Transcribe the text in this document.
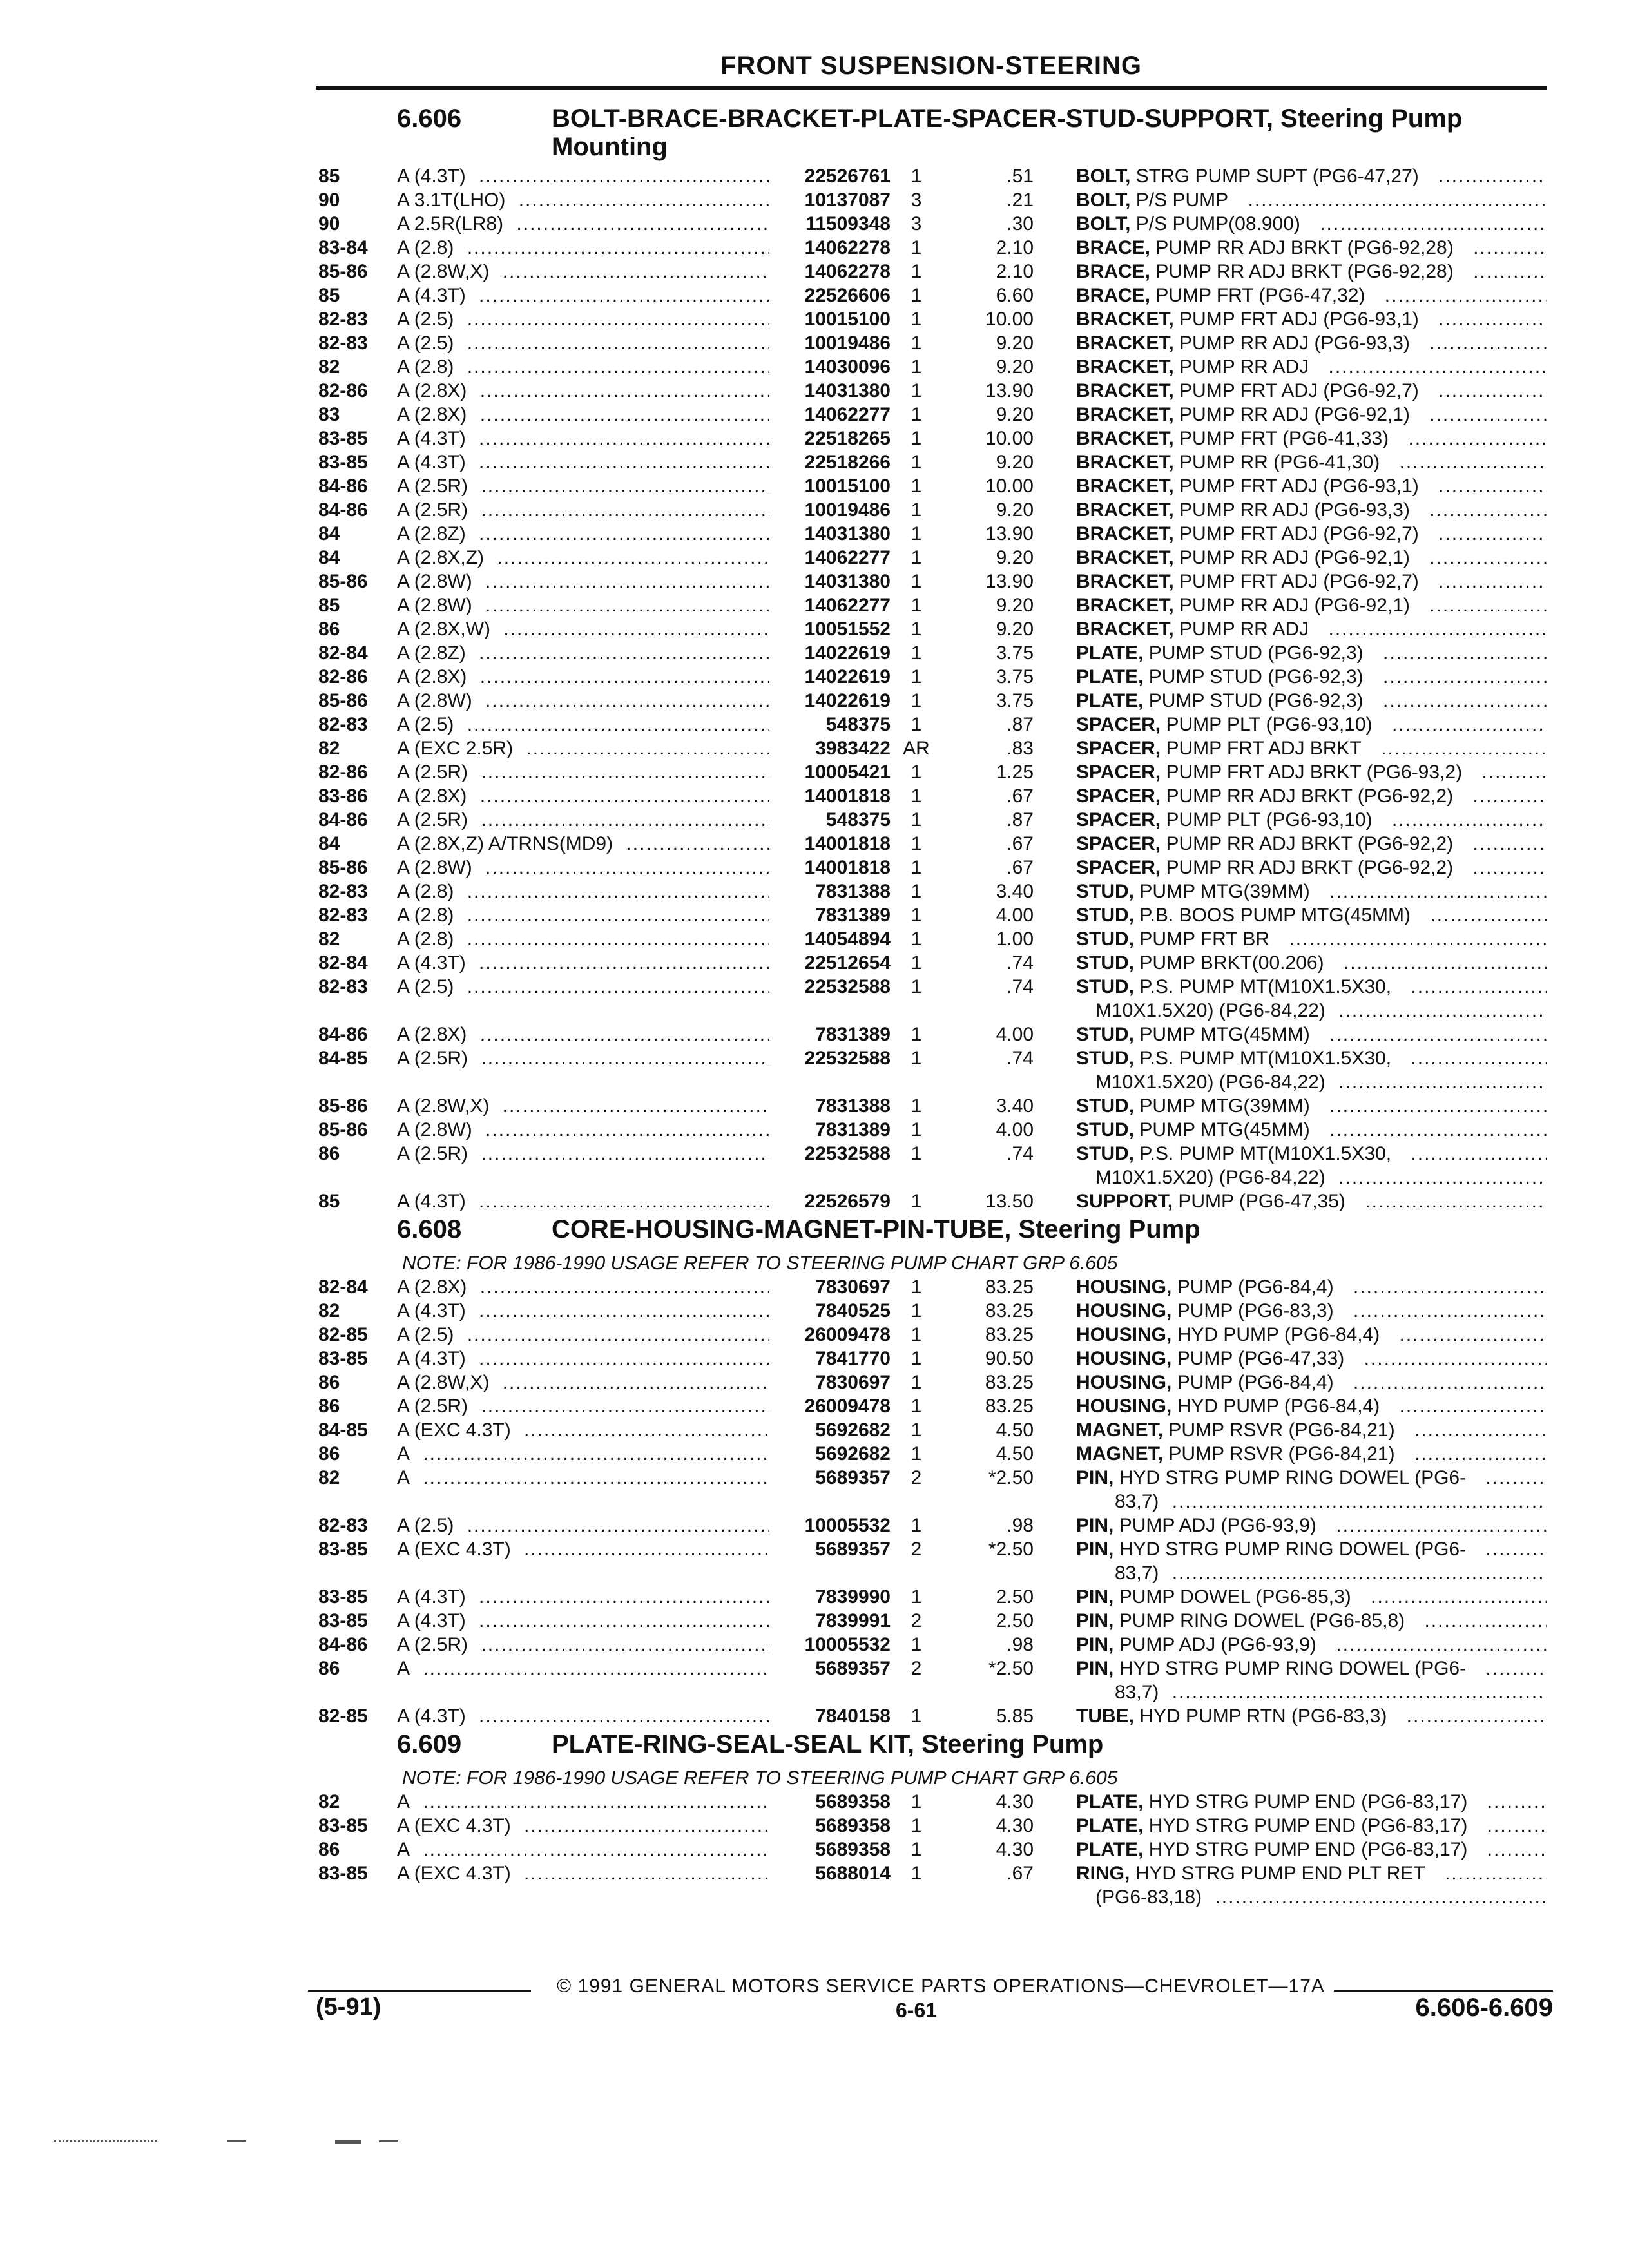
FRONT SUSPENSION-STEERING
6.606	BOLT-BRACE-BRACKET-PLATE-SPACER-STUD-SUPPORT, Steering Pump Mounting
85	A (4.3T) .....	22526761	1	.51 BOLT, STRG PUMP SUPT (PG6-47,27) .....
90	A 3.1T(LHO) .....	10137087	3	.21 BOLT, P/S PUMP .....
90	A 2.5R(LR8) .....	11509348	3	.30 BOLT, P/S PUMP(08.900) .....
83-84	A (2.8) .....	14062278	1	2.10 BRACE, PUMP RR ADJ BRKT (PG6-92,28) .....
85-86	A (2.8W,X) .....	14062278	1	2.10 BRACE, PUMP RR ADJ BRKT (PG6-92,28) .....
85	A (4.3T) .....	22526606	1	6.60 BRACE, PUMP FRT (PG6-47,32) .....
82-83	A (2.5) .....	10015100	1	10.00 BRACKET, PUMP FRT ADJ (PG6-93,1) .....
82-83	A (2.5) .....	10019486	1	9.20 BRACKET, PUMP RR ADJ (PG6-93,3) .....
82	A (2.8) .....	14030096	1	9.20 BRACKET, PUMP RR ADJ .....
82-86	A (2.8X) .....	14031380	1	13.90 BRACKET, PUMP FRT ADJ (PG6-92,7) .....
83	A (2.8X) .....	14062277	1	9.20 BRACKET, PUMP RR ADJ (PG6-92,1) .....
83-85	A (4.3T) .....	22518265	1	10.00 BRACKET, PUMP FRT (PG6-41,33) .....
83-85	A (4.3T) .....	22518266	1	9.20 BRACKET, PUMP RR (PG6-41,30) .....
84-86	A (2.5R) .....	10015100	1	10.00 BRACKET, PUMP FRT ADJ (PG6-93,1) .....
84-86	A (2.5R) .....	10019486	1	9.20 BRACKET, PUMP RR ADJ (PG6-93,3) .....
84	A (2.8Z) .....	14031380	1	13.90 BRACKET, PUMP FRT ADJ (PG6-92,7) .....
84	A (2.8X,Z) .....	14062277	1	9.20 BRACKET, PUMP RR ADJ (PG6-92,1) .....
85-86	A (2.8W) .....	14031380	1	13.90 BRACKET, PUMP FRT ADJ (PG6-92,7) .....
85	A (2.8W) .....	14062277	1	9.20 BRACKET, PUMP RR ADJ (PG6-92,1) .....
86	A (2.8X,W) .....	10051552	1	9.20 BRACKET, PUMP RR ADJ .....
82-84	A (2.8Z) .....	14022619	1	3.75 PLATE, PUMP STUD (PG6-92,3) .....
82-86	A (2.8X) .....	14022619	1	3.75 PLATE, PUMP STUD (PG6-92,3) .....
85-86	A (2.8W) .....	14022619	1	3.75 PLATE, PUMP STUD (PG6-92,3) .....
82-83	A (2.5) .....	548375	1	.87 SPACER, PUMP PLT (PG6-93,10) .....
82	A (EXC 2.5R) .....	3983422 AR	.83 SPACER, PUMP FRT ADJ BRKT .....
82-86	A (2.5R) .....	10005421	1	1.25 SPACER, PUMP FRT ADJ BRKT (PG6-93,2) .....
83-86	A (2.8X) .....	14001818	1	.67 SPACER, PUMP RR ADJ BRKT (PG6-92,2) .....
84-86	A (2.5R) .....	548375	1	.87 SPACER, PUMP PLT (PG6-93,10) .....
84	A (2.8X,Z) A/TRNS(MD9) .....	14001818	1	.67 SPACER, PUMP RR ADJ BRKT (PG6-92,2) .....
85-86	A (2.8W) .....	14001818	1	.67 SPACER, PUMP RR ADJ BRKT (PG6-92,2) .....
82-83	A (2.8) .....	7831388	1	3.40 STUD, PUMP MTG(39MM) .....
82-83	A (2.8) .....	7831389	1	4.00 STUD, P.B. BOOS PUMP MTG(45MM) .....
82	A (2.8) .....	14054894	1	1.00 STUD, PUMP FRT BR .....
82-84	A (4.3T) .....	22512654	1	.74 STUD, PUMP BRKT(00.206) .....
82-83	A (2.5) .....	22532588	1	.74 STUD, P.S. PUMP MT(M10X1.5X30, .....
M10X1.5X20) (PG6-84,22) .....
84-86	A (2.8X) .....	7831389	1	4.00 STUD, PUMP MTG(45MM) .....
84-85	A (2.5R) .....	22532588	1	.74 STUD, P.S. PUMP MT(M10X1.5X30, .....
M10X1.5X20) (PG6-84,22) .....
85-86	A (2.8W,X) .....	7831388	1	3.40 STUD, PUMP MTG(39MM) .....
85-86	A (2.8W) .....	7831389	1	4.00 STUD, PUMP MTG(45MM) .....
86	A (2.5R) .....	22532588	1	.74 STUD, P.S. PUMP MT(M10X1.5X30, .....
M10X1.5X20) (PG6-84,22) .....
85	A (4.3T) .....	22526579	1	13.50 SUPPORT, PUMP (PG6-47,35) .....
6.608	CORE-HOUSING-MAGNET-PIN-TUBE, Steering Pump
NOTE: FOR 1986-1990 USAGE REFER TO STEERING PUMP CHART GRP 6.605
82-84	A (2.8X) .....	7830697	1	83.25 HOUSING, PUMP (PG6-84,4) .....
82	A (4.3T) .....	7840525	1	83.25 HOUSING, PUMP (PG6-83,3) .....
82-85	A (2.5) .....	26009478	1	83.25 HOUSING, HYD PUMP (PG6-84,4) .....
83-85	A (4.3T) .....	7841770	1	90.50 HOUSING, PUMP (PG6-47,33) .....
86	A (2.8W,X) .....	7830697	1	83.25 HOUSING, PUMP (PG6-84,4) .....
86	A (2.5R) .....	26009478	1	83.25 HOUSING, HYD PUMP (PG6-84,4) .....
84-85	A (EXC 4.3T) .....	5692682	1	4.50 MAGNET, PUMP RSVR (PG6-84,21) .....
86	A .....	5692682	1	4.50 MAGNET, PUMP RSVR (PG6-84,21) .....
82	A .....	5689357	2	*2.50 PIN, HYD STRG PUMP RING DOWEL (PG6- .....
83,7) .....
82-83	A (2.5) .....	10005532	1	.98 PIN, PUMP ADJ (PG6-93,9) .....
83-85	A (EXC 4.3T) .....	5689357	2	*2.50 PIN, HYD STRG PUMP RING DOWEL (PG6- .....
83,7) .....
83-85	A (4.3T) .....	7839990	1	2.50 PIN, PUMP DOWEL (PG6-85,3) .....
83-85	A (4.3T) .....	7839991	2	2.50 PIN, PUMP RING DOWEL (PG6-85,8) .....
84-86	A (2.5R) .....	10005532	1	.98 PIN, PUMP ADJ (PG6-93,9) .....
86	A .....	5689357	2	*2.50 PIN, HYD STRG PUMP RING DOWEL (PG6- .....
83,7) .....
82-85	A (4.3T) .....	7840158	1	5.85 TUBE, HYD PUMP RTN (PG6-83,3) .....
6.609	PLATE-RING-SEAL-SEAL KIT, Steering Pump
NOTE: FOR 1986-1990 USAGE REFER TO STEERING PUMP CHART GRP 6.605
82	A .....	5689358	1	4.30 PLATE, HYD STRG PUMP END (PG6-83,17) .....
83-85	A (EXC 4.3T) .....	5689358	1	4.30 PLATE, HYD STRG PUMP END (PG6-83,17) .....
86	A .....	5689358	1	4.30 PLATE, HYD STRG PUMP END (PG6-83,17) .....
83-85	A (EXC 4.3T) .....	5688014	1	.67 RING, HYD STRG PUMP END PLT RET .....
(PG6-83,18) .....
© 1991 GENERAL MOTORS SERVICE PARTS OPERATIONS—CHEVROLET—17A
(5-91)	6-61	6.606-6.609
